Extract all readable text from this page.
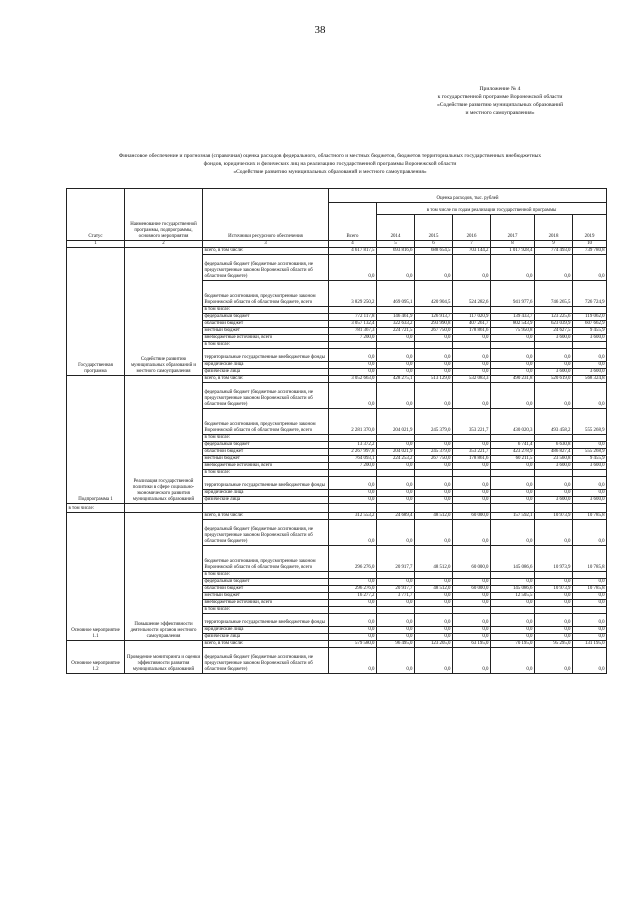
38
Приложение № 4
к государственной программе Воронежской области
«Содействие развитию муниципальных образований
и местного самоуправления»
Финансовое обеспечение и прогнозная (справочная) оценка расходов федерального, областного и местных бюджетов, бюджетов территориальных государственных внебюджетных
фондов, юридических и физических лиц на реализацию государственной программы Воронежской области
«Содействие развитию муниципальных образований и местного самоуправления»
Статус	Наименование государственной программы, подпрограммы, основного мероприятия	Источники ресурсного обеспечения	Оценка расходов, тыс. рублей						
			Всего	в том числе по годам реализации государственной программы					
				2014	2015	2016	2017	2018	2019
1	2	3	4	5	6	7	8	9	10
Государственная программа	Содействие развитию муниципальных образований и местного самоуправления	всего, в том числе:	4 617 817,5	693 816,6	688 654,5	703 144,2	1 017 928,4	774 493,0	739 780,8
		федеральный бюджет (бюджетные ассигнования, не предусмотренные законом Воронежской области об областном бюджете)	0,0	0,0	0,0	0,0	0,0	0,0	0,0
		бюджетные ассигнования, предусмотренные законом Воронежской области об областном бюджете, всего	3 829 250,2	469 095,1	420 904,5	524 282,6	941 977,6	746 265,5	726 724,9
		в том числе:							
		федеральный бюджет	772 117,8	146 461,9	126 913,7	117 020,9	139 433,7	123 225,6	119 062,0
		областной бюджет	3 057 132,4	322 633,2	293 990,8	407 261,7	802 543,9	623 039,9	607 662,9
		местный бюджет	781 367,3	224 721,5	267 750,0	178 861,6	75 950,8	24 627,5	9 455,9
		внебюджетные источники, всего	7 200,0	0,0	0,0	0,0	0,0	3 600,0	3 600,0
		в том числе:							
		территориальные государственные внебюджетные фонды	0,0	0,0	0,0	0,0	0,0	0,0	0,0
		юридические лица	0,0	0,0	0,0	0,0	0,0	0,0	0,0
		физические лица	0,0	0,0	0,0	0,0	0,0	3 600,0	3 600,0
Подпрограмма 1	Реализация государственной политики в сфере социально-экономического развития муниципальных образований	всего, в том числе:	3 052 663,0	428 275,1	513 129,0	532 083,3	490 231,8	520 619,0	568 324,8
		федеральный бюджет (бюджетные ассигнования, не предусмотренные законом Воронежской области об областном бюджете)	0,0	0,0	0,0	0,0	0,0	0,0	0,0
		бюджетные ассигнования, предусмотренные законом Воронежской области об областном бюджете, всего	2 281 370,0	204 021,9	245 379,0	353 221,7	430 020,3	493 458,2	555 268,9
		в том числе:							
		федеральный бюджет	13 372,2	0,0	0,0	0,0	6 741,4	6 630,8	0,0
		областной бюджет	2 267 997,8	204 021,9	245 379,0	353 221,7	423 278,9	486 827,4	555 268,9
		местный бюджет	764 093,1	224 253,2	267 750,0	178 861,6	60 211,5	23 560,8	9 455,9
		внебюджетные источники, всего	7 200,0	0,0	0,0	0,0	0,0	3 600,0	3 600,0
		в том числе:							
		территориальные государственные внебюджетные фонды	0,0	0,0	0,0	0,0	0,0	0,0	0,0
		юридические лица	0,0	0,0	0,0	0,0	0,0	0,0	0,0
		физические лица	0,0	0,0	0,0	0,0	0,0	3 600,0	3 600,0
в том числе:									
Основное мероприятие 1.1	Повышение эффективности деятельности органов местного самоуправления	всего, в том числе:	312 553,2	24 689,4	48 512,0	60 000,0	157 592,1	10 973,9	10 785,8
		федеральный бюджет (бюджетные ассигнования, не предусмотренные законом Воронежской области об областном бюджете)	0,0	0,0	0,0	0,0	0,0	0,0	0,0
		бюджетные ассигнования, предусмотренные законом Воронежской области об областном бюджете, всего	296 276,0	20 917,7	48 512,0	60 000,0	145 086,6	10 973,9	10 785,8
		в том числе:							
		федеральный бюджет	0,0	0,0	0,0	0,0	0,0	0,0	0,0
		областной бюджет	296 276,0	20 917,7	48 512,0	60 000,0	145 086,6	10 973,9	10 785,8
		местный бюджет	16 277,2	3 771,7	0,0	0,0	12 505,5	0,0	0,0
		внебюджетные источники, всего	0,0	0,0	0,0	0,0	0,0	0,0	0,0
		в том числе:							
		территориальные государственные внебюджетные фонды	0,0	0,0	0,0	0,0	0,0	0,0	0,0
		юридические лица	0,0	0,0	0,0	0,0	0,0	0,0	0,0
		физические лица	0,0	0,0	0,0	0,0	0,0	0,0	0,0
Основное мероприятие 1.2	Проведение мониторинга и оценки эффективности развития муниципальных образований	всего, в том числе:	579 580,0	96 495,0	123 205,0	63 195,0	70 195,0	95 295,0	131 195,0
		федеральный бюджет (бюджетные ассигнования, не предусмотренные законом Воронежской области об областном бюджете)	0,0	0,0	0,0	0,0	0,0	0,0	0,0
